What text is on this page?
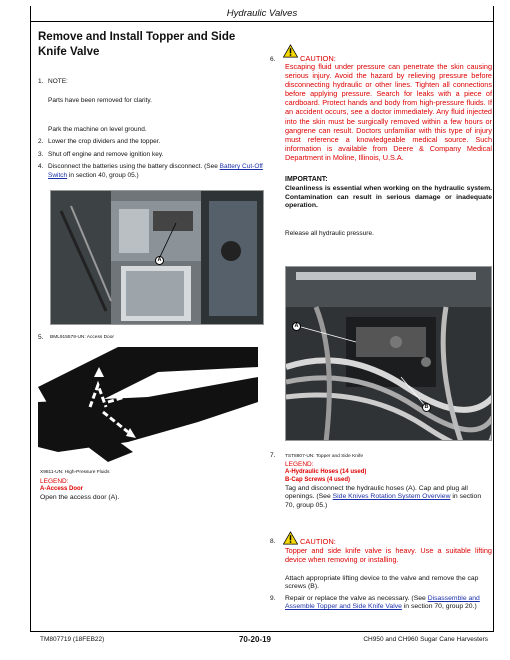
Hydraulic Valves
Remove and Install Topper and Side Knife Valve
1. NOTE:
Parts have been removed for clarity.
Park the machine on level ground.
2. Lower the crop dividers and the topper.
3. Shut off engine and remove ignition key.
4. Disconnect the batteries using the battery disconnect. (See Battery Cut-Off Switch in section 40, group 05.)
A
5. BML915578-UN: Access Door
X9811-UN: High-Pressure Fluids
LEGEND:
A-Access Door
Open the access door (A).
6.	CAUTION:
Escaping fluid under pressure can penetrate the skin causing serious injury. Avoid the hazard by relieving pressure before disconnecting hydraulic or other lines. Tighten all connections before applying pressure. Search for leaks with a piece of cardboard. Protect hands and body from high-pressure fluids. If an accident occurs, see a doctor immediately. Any fluid injected into the skin must be surgically removed within a few hours or gangrene can result. Doctors unfamiliar with this type of injury must reference a knowledgeable medical source. Such information is available from Deere & Company Medical Department in Moline, Illinois, U.S.A.
IMPORTANT:
Cleanliness is essential when working on the hydraulic system. Contamination can result in serious damage or inadequate operation.
Release all hydraulic pressure.
A
B
7. TST8807-UN: Topper and Side Knife
LEGEND:
A-Hydraulic Hoses (14 used)
B-Cap Screws (4 used)
Tag and disconnect the hydraulic hoses (A). Cap and plug all openings. (See Side Knives Rotation System Overview in section 70, group 05.)
8.	CAUTION:
Topper and side knife valve is heavy. Use a suitable lifting device when removing or installing.
Attach appropriate lifting device to the valve and remove the cap screws (B).
9. Repair or replace the valve as necessary. (See Disassemble and Assemble Topper and Side Knife Valve in section 70, group 20.)
TM807719 (18FEB22)	70-20-19	CH950 and CH960 Sugar Cane Harvesters
